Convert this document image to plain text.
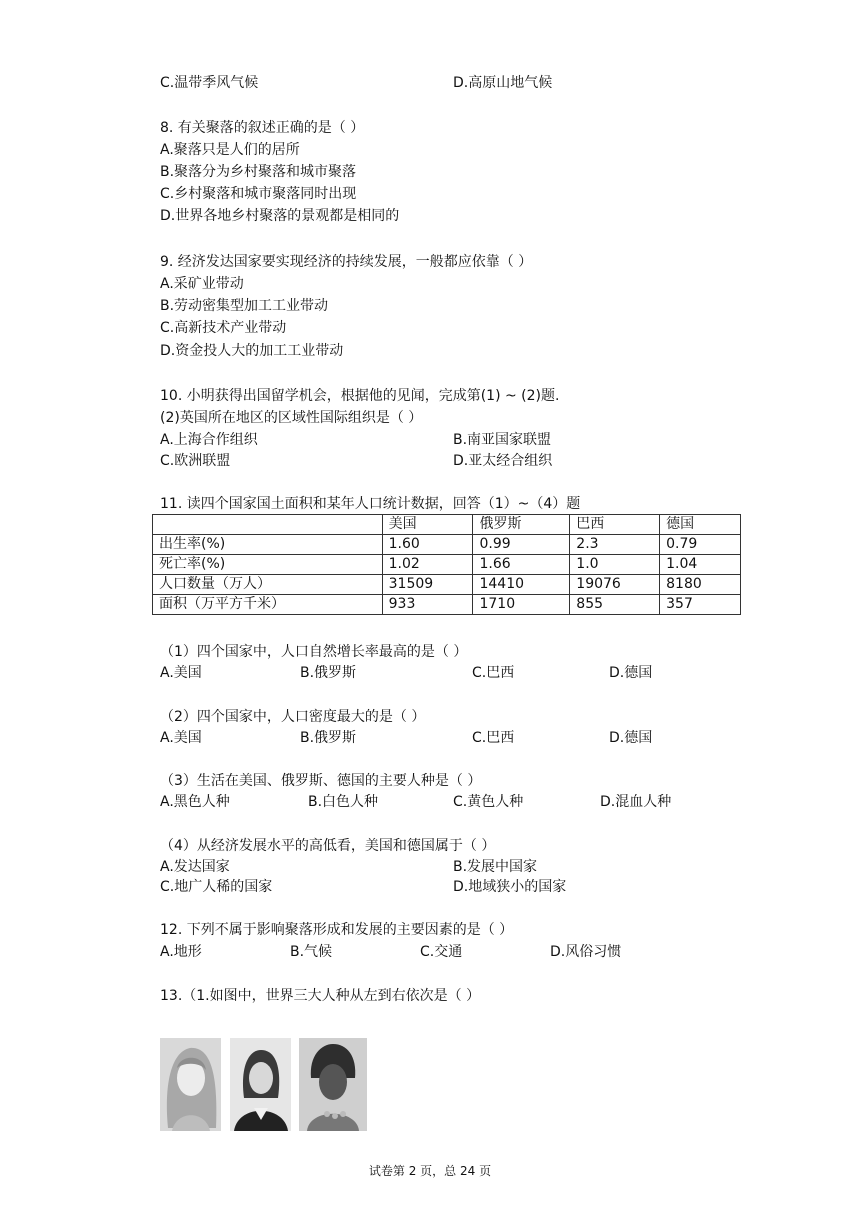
C.温带季风气候	D.高原山地气候
8. 有关聚落的叙述正确的是（ ）
A.聚落只是人们的居所
B.聚落分为乡村聚落和城市聚落
C.乡村聚落和城市聚落同时出现
D.世界各地乡村聚落的景观都是相同的
9. 经济发达国家要实现经济的持续发展，一般都应依靠（ ）
A.采矿业带动
B.劳动密集型加工工业带动
C.高新技术产业带动
D.资金投人大的加工工业带动
10. 小明获得出国留学机会，根据他的见闻，完成第(1) ~ (2)题.
(2)英国所在地区的区域性国际组织是（ ）
A.上海合作组织	B.南亚国家联盟
C.欧洲联盟	D.亚太经合组织
11. 读四个国家国土面积和某年人口统计数据，回答（1）~（4）题
	美国	俄罗斯	巴西	德国
出生率(%)	1.60	0.99	2.3	0.79
死亡率(%)	1.02	1.66	1.0	1.04
人口数量（万人）	31509	14410	19076	8180
面积（万平方千米）	933	1710	855	357
（1）四个国家中，人口自然增长率最高的是（ ）
A.美国	B.俄罗斯	C.巴西	D.德国
（2）四个国家中，人口密度最大的是（ ）
A.美国	B.俄罗斯	C.巴西	D.德国
（3）生活在美国、俄罗斯、德国的主要人种是（ ）
A.黑色人种	B.白色人种	C.黄色人种	D.混血人种
（4）从经济发展水平的高低看，美国和德国属于（ ）
A.发达国家	B.发展中国家
C.地广人稀的国家	D.地域狭小的国家
12. 下列不属于影响聚落形成和发展的主要因素的是（ ）
A.地形	B.气候	C.交通	D.风俗习惯
13.（1.如图中，世界三大人种从左到右依次是（ ）
试卷第 2 页，总 24 页
